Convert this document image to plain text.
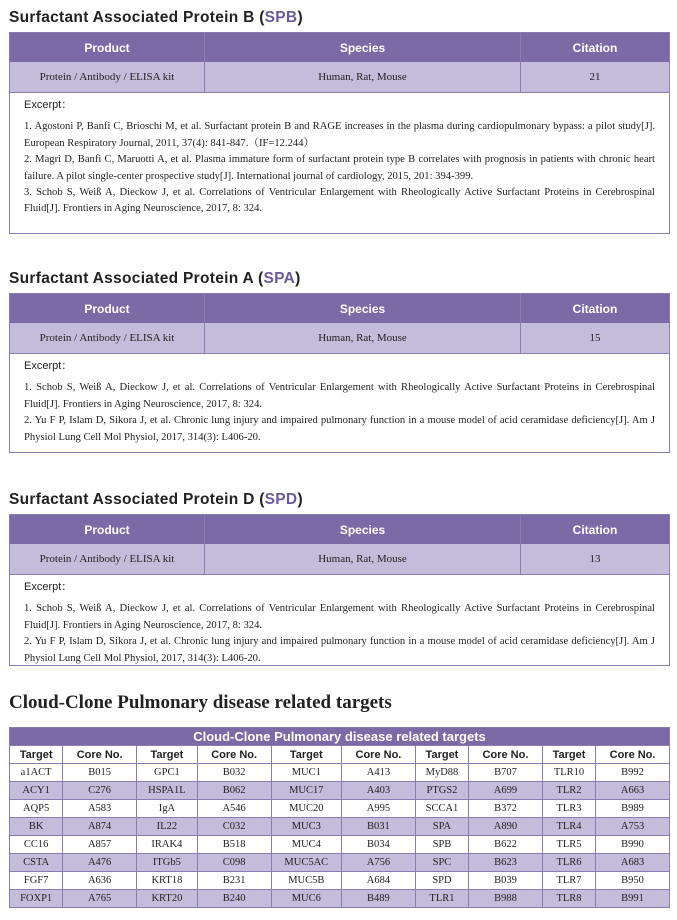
Surfactant Associated Protein B (SPB)
Product	Species	Citation
Protein / Antibody / ELISA kit	Human, Rat, Mouse	21
Excerpt：

1. Agostoni P, Banfi C, Brioschi M, et al. Surfactant protein B and RAGE increases in the plasma during cardiopulmonary bypass: a pilot study[J]. European Respiratory Journal, 2011, 37(4): 841-847.（IF=12.244）

2. Magrì D, Banfi C, Maruotti A, et al. Plasma immature form of surfactant protein type B correlates with prognosis in patients with chronic heart failure. A pilot single-center prospective study[J]. International journal of cardiology, 2015, 201: 394-399.

3. Schob S, Weiß A, Dieckow J, et al. Correlations of Ventricular Enlargement with Rheologically Active Surfactant Proteins in Cerebrospinal Fluid[J]. Frontiers in Aging Neuroscience, 2017, 8: 324.

Surfactant Associated Protein A (SPA)
Product	Species	Citation
Protein / Antibody / ELISA kit	Human, Rat, Mouse	15
Excerpt：

1. Schob S, Weiß A, Dieckow J, et al. Correlations of Ventricular Enlargement with Rheologically Active Surfactant Proteins in Cerebrospinal Fluid[J]. Frontiers in Aging Neuroscience, 2017, 8: 324.

2. Yu F P, Islam D, Sikora J, et al. Chronic lung injury and impaired pulmonary function in a mouse model of acid ceramidase deficiency[J]. Am J Physiol Lung Cell Mol Physiol, 2017, 314(3): L406-20.

Surfactant Associated Protein D (SPD)
Product	Species	Citation
Protein / Antibody / ELISA kit	Human, Rat, Mouse	13
Excerpt：

1. Schob S, Weiß A, Dieckow J, et al. Correlations of Ventricular Enlargement with Rheologically Active Surfactant Proteins in Cerebrospinal Fluid[J]. Frontiers in Aging Neuroscience, 2017, 8: 324.

2. Yu F P, Islam D, Sikora J, et al. Chronic lung injury and impaired pulmonary function in a mouse model of acid ceramidase deficiency[J]. Am J Physiol Lung Cell Mol Physiol, 2017, 314(3): L406-20.

Cloud-Clone Pulmonary disease related targets
Cloud-Clone Pulmonary disease related targets									
Target	Core No.	Target	Core No.	Target	Core No.	Target	Core No.	Target	Core No.
a1ACT	B015	GPC1	B032	MUC1	A413	MyD88	B707	TLR10	B992
ACY1	C276	HSPA1L	B062	MUC17	A403	PTGS2	A699	TLR2	A663
AQP5	A583	IgA	A546	MUC20	A995	SCCA1	B372	TLR3	B989
BK	A874	IL22	C032	MUC3	B031	SPA	A890	TLR4	A753
CC16	A857	IRAK4	B518	MUC4	B034	SPB	B622	TLR5	B990
CSTA	A476	ITGb5	C098	MUC5AC	A756	SPC	B623	TLR6	A683
FGF7	A636	KRT18	B231	MUC5B	A684	SPD	B039	TLR7	B950
FOXP1	A765	KRT20	B240	MUC6	B489	TLR1	B988	TLR8	B991
